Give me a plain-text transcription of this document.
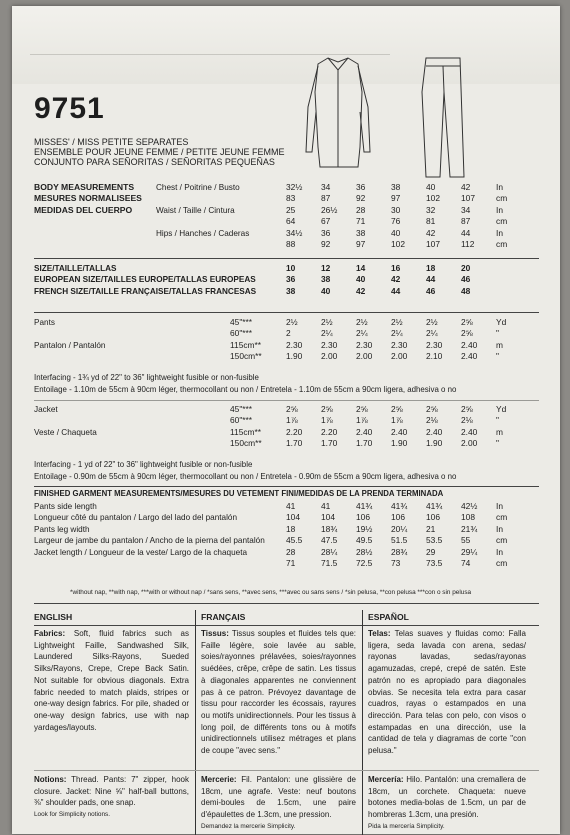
9751
MISSES' / MISS PETITE SEPARATES
ENSEMBLE POUR JEUNE FEMME / PETITE JEUNE FEMME
CONJUNTO PARA SEÑORITAS / SEÑORITAS PEQUEÑAS
BODY MEASUREMENTS
MESURES NORMALISEES
MEDIDAS DEL CUERPO
Chest / Poitrine / Busto	32½	34	36	38	40	42	In
	83	87	92	97	102	107	cm
Waist / Taille / Cintura	25	26½	28	30	32	34	In
	64	67	71	76	81	87	cm
Hips / Hanches / Caderas	34½	36	38	40	42	44	In
	88	92	97	102	107	112	cm
SIZE/TAILLE/TALLAS	10	12	14	16	18	20
EUROPEAN SIZE/TAILLES EUROPE/TALLAS EUROPEAS	36	38	40	42	44	46
FRENCH SIZE/TAILLE FRANÇAISE/TALLAS FRANCESAS	38	40	42	44	46	48
Pants	45"***	2½	2½	2½	2½	2½	2⅝	Yd
	60"***	2	2¼	2¼	2¼	2¼	2⅝	"
Pantalon / Pantalón	115cm**	2.30	2.30	2.30	2.30	2.30	2.40	m
	150cm**	1.90	2.00	2.00	2.00	2.10	2.40	"
Interfacing - 1¾ yd of 22" to 36" lightweight fusible or non-fusible
Entoilage - 1.10m de 55cm à 90cm léger, thermocollant ou non / Entretela - 1.10m de 55cm a 90cm ligera, adhesiva o no
Jacket	45"***	2⅝	2⅝	2⅝	2⅝	2⅝	2⅝	Yd
	60"***	1⅞	1⅞	1⅞	1⅞	2⅛	2⅛	"
Veste / Chaqueta	115cm**	2.20	2.20	2.40	2.40	2.40	2.40	m
	150cm**	1.70	1.70	1.70	1.90	1.90	2.00	"
Interfacing - 1 yd of 22" to 36" lightweight fusible or non-fusible
Entoilage - 0.90m de 55cm à 90cm léger, thermocollant ou non / Entretela - 0.90m de 55cm a 90cm ligera, adhesiva o no
FINISHED GARMENT MEASUREMENTS/MESURES DU VETEMENT FINI/MEDIDAS DE LA PRENDA TERMINADA
Pants side length	41	41	41¾	41¾	41¾	42½	In
Longueur côté du pantalon / Largo del lado del pantalón	104	104	106	106	106	108	cm
Pants leg width	18	18¾	19½	20¼	21	21¾	In
Largeur de jambe du pantalon / Ancho de la pierna del pantalón	45.5	47.5	49.5	51.5	53.5	55	cm
Jacket length / Longueur de la veste/ Largo de la chaqueta	28	28¼	28½	28¾	29	29¼	In
	71	71.5	72.5	73	73.5	74	cm
*without nap, **with nap, ***with or without nap / *sans sens, **avec sens, ***avec ou sans sens / *sin pelusa, **con pelusa ***con o sin pelusa
ENGLISH	FRANÇAIS	ESPAÑOL
Fabrics: Soft, fluid fabrics such as Lightweight Faille, Sandwashed Silk, Laundered Silks-Rayons, Sueded Silks/Rayons, Crepe, Crepe Back Satin. Not suitable for obvious diagonals. Extra fabric needed to match plaids, stripes or one-way design fabrics. For pile, shaded or one-way design fabrics, use with nap yardages/layouts.
Tissus: Tissus souples et fluides tels que: Faille légère, soie lavée au sable, soies/rayonnes prélavées, soies/rayonnes suédées, crêpe, crêpe de satin. Les tissus à diagonales apparentes ne conviennent pas à ce patron. Prévoyez davantage de tissu pour raccorder les écossais, rayures ou motifs unidirectionnels. Pour les tissus à long poil, de différents tons ou à motifs unidirectionnels utilisez métrages et plans de coupe "avec sens."
Telas: Telas suaves y fluidas como: Falla ligera, seda lavada con arena, sedas/ rayonas lavadas, sedas/rayonas agamuzadas, crepé, crepé de satén. Este patrón no es apropiado para diagonales obvias. Se necesita tela extra para casar cuadros, rayas o estampados en una dirección. Para telas con pelo, con visos o estampadas en una dirección, use la cantidad de tela y diagramas de corte "con pelusa."
Notions: Thread. Pants: 7" zipper, hook closure. Jacket: Nine ⅝" half-ball buttons, ⅜" shoulder pads, one snap.
Look for Simplicity notions.
Mercerie: Fil. Pantalon: une glissière de 18cm, une agrafe. Veste: neuf boutons demi-boules de 1.5cm, une paire d'épaulettes de 1.3cm, une pression.
Demandez la mercerie Simplicity.
Mercería: Hilo. Pantalón: una cremallera de 18cm, un corchete. Chaqueta: nueve botones media-bolas de 1.5cm, un par de hombreras 1.3cm, una presión.
Pida la mercería Simplicity.
